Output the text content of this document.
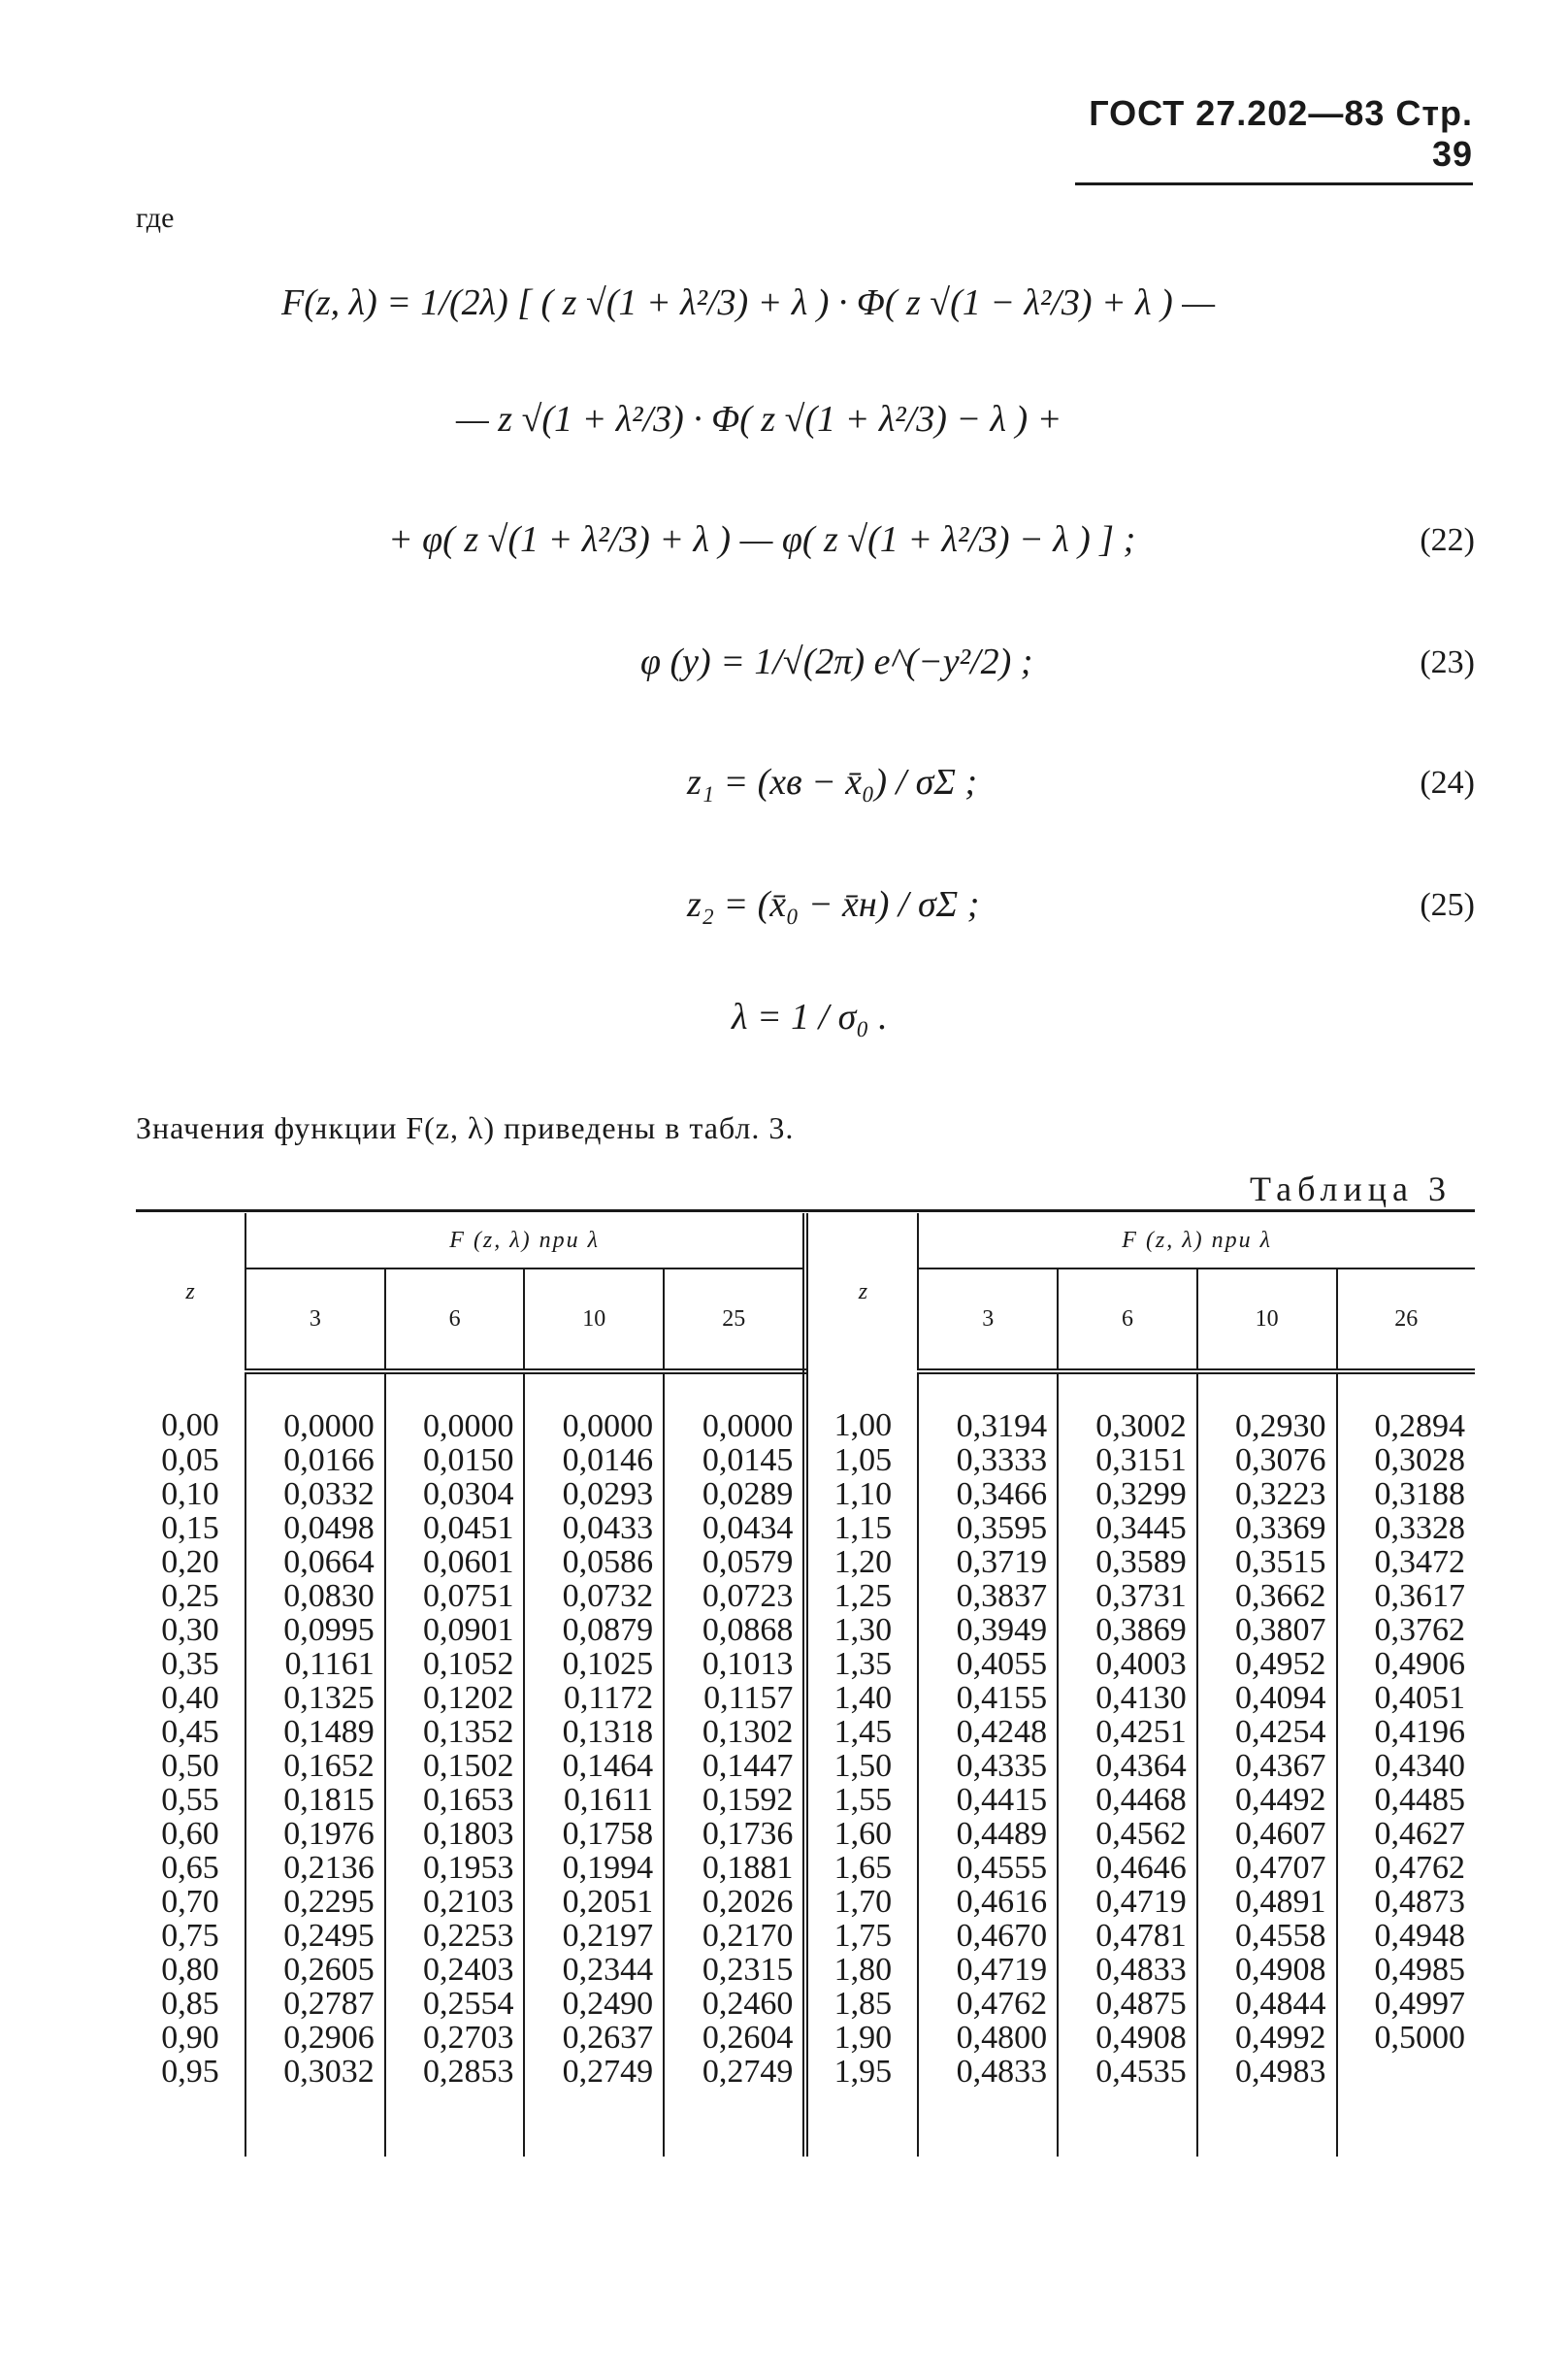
ГОСТ 27.202—83 Стр. 39
где
F(z, λ) = 1/(2λ) [ ( z √(1 + λ²/3) + λ ) · Φ( z √(1 − λ²/3) + λ ) —
— z √(1 + λ²/3) · Φ( z √(1 + λ²/3) − λ ) +
+ φ( z √(1 + λ²/3) + λ ) — φ( z √(1 + λ²/3) − λ ) ] ;	(22)
φ (y) = 1/√(2π) e^(−y²/2) ;	(23)
z₁ = (xв − x̄₀) / σΣ ;	(24)
z₂ = (x̄₀ − x̄н) / σΣ ;	(25)
λ = 1 / σ₀ .
Значения функции F(z, λ) приведены в табл. 3.
Таблица 3
z	F (z, λ) при λ				z	F (z, λ) при λ			
	3	6	10	25		3	6	10	26
0,00	0,0000	0,0000	0,0000	0,0000	1,00	0,3194	0,3002	0,2930	0,2894
0,05	0,0166	0,0150	0,0146	0,0145	1,05	0,3333	0,3151	0,3076	0,3028
0,10	0,0332	0,0304	0,0293	0,0289	1,10	0,3466	0,3299	0,3223	0,3188
0,15	0,0498	0,0451	0,0433	0,0434	1,15	0,3595	0,3445	0,3369	0,3328
0,20	0,0664	0,0601	0,0586	0,0579	1,20	0,3719	0,3589	0,3515	0,3472
0,25	0,0830	0,0751	0,0732	0,0723	1,25	0,3837	0,3731	0,3662	0,3617
0,30	0,0995	0,0901	0,0879	0,0868	1,30	0,3949	0,3869	0,3807	0,3762
0,35	0,1161	0,1052	0,1025	0,1013	1,35	0,4055	0,4003	0,4952	0,4906
0,40	0,1325	0,1202	0,1172	0,1157	1,40	0,4155	0,4130	0,4094	0,4051
0,45	0,1489	0,1352	0,1318	0,1302	1,45	0,4248	0,4251	0,4254	0,4196
0,50	0,1652	0,1502	0,1464	0,1447	1,50	0,4335	0,4364	0,4367	0,4340
0,55	0,1815	0,1653	0,1611	0,1592	1,55	0,4415	0,4468	0,4492	0,4485
0,60	0,1976	0,1803	0,1758	0,1736	1,60	0,4489	0,4562	0,4607	0,4627
0,65	0,2136	0,1953	0,1994	0,1881	1,65	0,4555	0,4646	0,4707	0,4762
0,70	0,2295	0,2103	0,2051	0,2026	1,70	0,4616	0,4719	0,4891	0,4873
0,75	0,2495	0,2253	0,2197	0,2170	1,75	0,4670	0,4781	0,4558	0,4948
0,80	0,2605	0,2403	0,2344	0,2315	1,80	0,4719	0,4833	0,4908	0,4985
0,85	0,2787	0,2554	0,2490	0,2460	1,85	0,4762	0,4875	0,4844	0,4997
0,90	0,2906	0,2703	0,2637	0,2604	1,90	0,4800	0,4908	0,4992	0,5000
0,95	0,3032	0,2853	0,2749	0,2749	1,95	0,4833	0,4535	0,4983	
